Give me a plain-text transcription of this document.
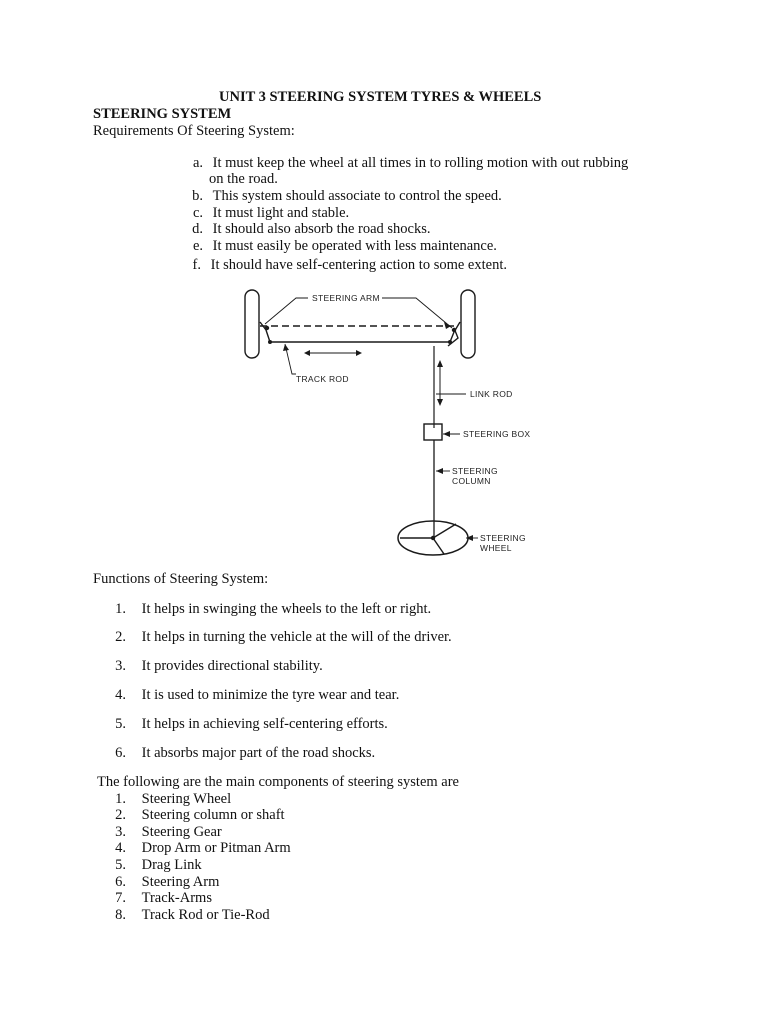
UNIT 3 STEERING SYSTEM TYRES & WHEELS
STEERING SYSTEM
Requirements Of Steering System:
a. It must keep the wheel at all times in to rolling motion with out rubbing
on the road.
b. This system should associate to control the speed.
c. It must light and stable.
d. It should also absorb the road shocks.
e. It must easily be operated with less maintenance.
f. It should have self-centering action to some extent.
STEERING ARM
TRACK ROD
LINK ROD
STEERING BOX
STEERING
COLUMN
STEERING
WHEEL
Functions of Steering System:
1. It helps in swinging the wheels to the left or right.
2. It helps in turning the vehicle at the will of the driver.
3. It provides directional stability.
4. It is used to minimize the tyre wear and tear.
5. It helps in achieving self-centering efforts.
6. It absorbs major part of the road shocks.
The following are the main components of steering system are
1. Steering Wheel
2. Steering column or shaft
3. Steering Gear
4. Drop Arm or Pitman Arm
5. Drag Link
6. Steering Arm
7. Track-Arms
8. Track Rod or Tie-Rod
